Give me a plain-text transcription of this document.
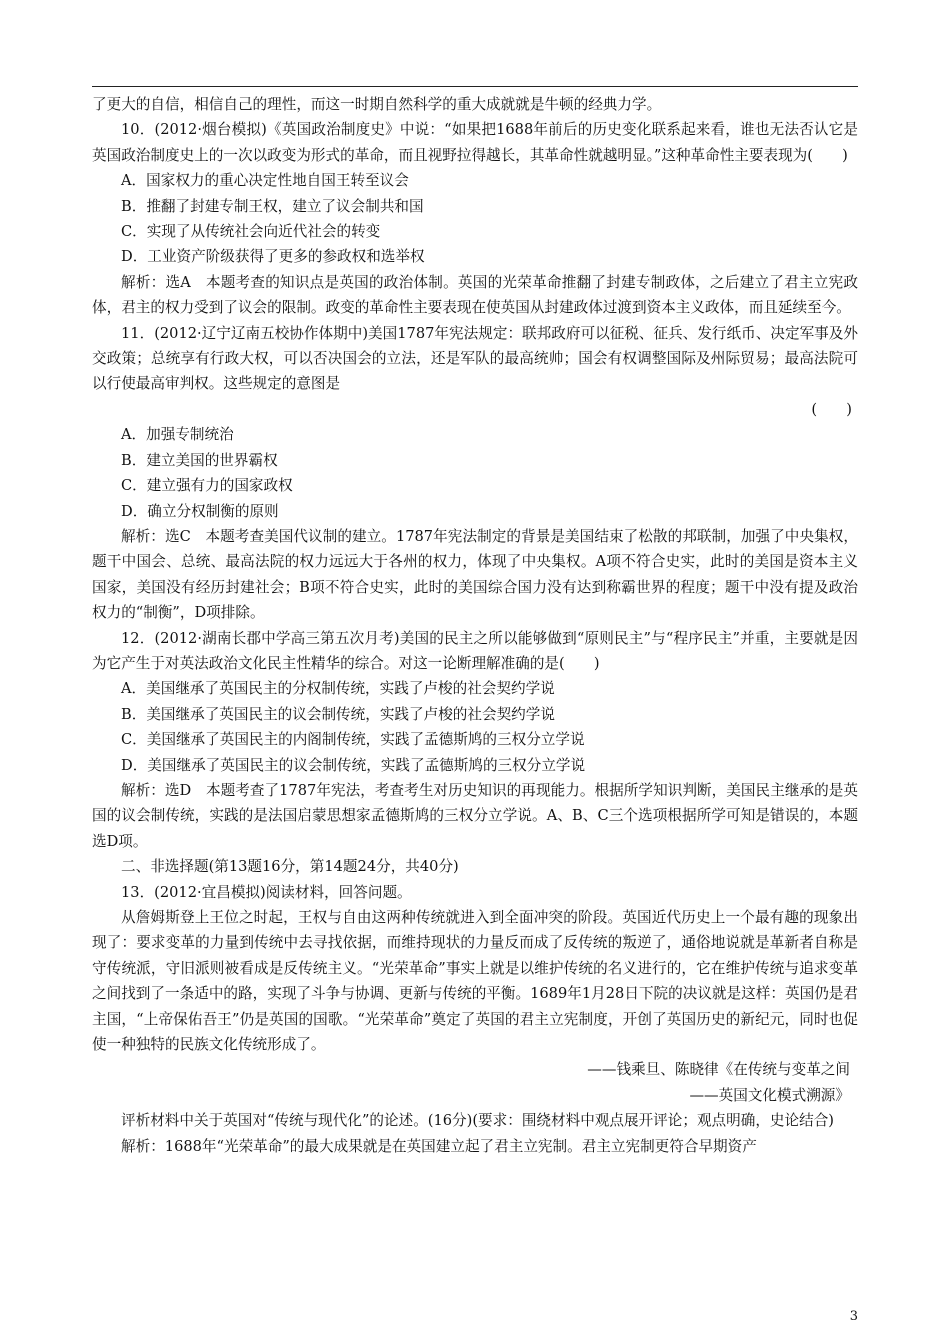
了更大的自信，相信自己的理性，而这一时期自然科学的重大成就就是牛顿的经典力学。

10．(2012·烟台模拟)《英国政治制度史》中说：“如果把1688年前后的历史变化联系起来看，谁也无法否认它是英国政治制度史上的一次以政变为形式的革命，而且视野拉得越长，其革命性就越明显。”这种革命性主要表现为(　　)

A．国家权力的重心决定性地自国王转至议会

B．推翻了封建专制王权，建立了议会制共和国

C．实现了从传统社会向近代社会的转变

D．工业资产阶级获得了更多的参政权和选举权

解析：选A　本题考查的知识点是英国的政治体制。英国的光荣革命推翻了封建专制政体，之后建立了君主立宪政体，君主的权力受到了议会的限制。政变的革命性主要表现在使英国从封建政体过渡到资本主义政体，而且延续至今。

11．(2012·辽宁辽南五校协作体期中)美国1787年宪法规定：联邦政府可以征税、征兵、发行纸币、决定军事及外交政策；总统享有行政大权，可以否决国会的立法，还是军队的最高统帅；国会有权调整国际及州际贸易；最高法院可以行使最高审判权。这些规定的意图是

(　　)

A．加强专制统治

B．建立美国的世界霸权

C．建立强有力的国家政权

D．确立分权制衡的原则

解析：选C　本题考查美国代议制的建立。1787年宪法制定的背景是美国结束了松散的邦联制，加强了中央集权，题干中国会、总统、最高法院的权力远远大于各州的权力，体现了中央集权。A项不符合史实，此时的美国是资本主义国家，美国没有经历封建社会；B项不符合史实，此时的美国综合国力没有达到称霸世界的程度；题干中没有提及政治权力的“制衡”，D项排除。

12．(2012·湖南长郡中学高三第五次月考)美国的民主之所以能够做到“原则民主”与“程序民主”并重，主要就是因为它产生于对英法政治文化民主性精华的综合。对这一论断理解准确的是(　　)

A．美国继承了英国民主的分权制传统，实践了卢梭的社会契约学说

B．美国继承了英国民主的议会制传统，实践了卢梭的社会契约学说

C．美国继承了英国民主的内阁制传统，实践了孟德斯鸠的三权分立学说

D．美国继承了英国民主的议会制传统，实践了孟德斯鸠的三权分立学说

解析：选D　本题考查了1787年宪法，考查考生对历史知识的再现能力。根据所学知识判断，美国民主继承的是英国的议会制传统，实践的是法国启蒙思想家孟德斯鸠的三权分立学说。A、B、C三个选项根据所学可知是错误的，本题选D项。

二、非选择题(第13题16分，第14题24分，共40分)

13．(2012·宜昌模拟)阅读材料，回答问题。

从詹姆斯登上王位之时起，王权与自由这两种传统就进入到全面冲突的阶段。英国近代历史上一个最有趣的现象出现了：要求变革的力量到传统中去寻找依据，而维持现状的力量反而成了反传统的叛逆了，通俗地说就是革新者自称是守传统派，守旧派则被看成是反传统主义。“光荣革命”事实上就是以维护传统的名义进行的，它在维护传统与追求变革之间找到了一条适中的路，实现了斗争与协调、更新与传统的平衡。1689年1月28日下院的决议就是这样：英国仍是君主国，“上帝保佑吾王”仍是英国的国歌。“光荣革命”奠定了英国的君主立宪制度，开创了英国历史的新纪元，同时也促使一种独特的民族文化传统形成了。

——钱乘旦、陈晓律《在传统与变革之间

——英国文化模式溯源》

评析材料中关于英国对“传统与现代化”的论述。(16分)(要求：围绕材料中观点展开评论；观点明确，史论结合)

解析：1688年“光荣革命”的最大成果就是在英国建立起了君主立宪制。君主立宪制更符合早期资产

3
